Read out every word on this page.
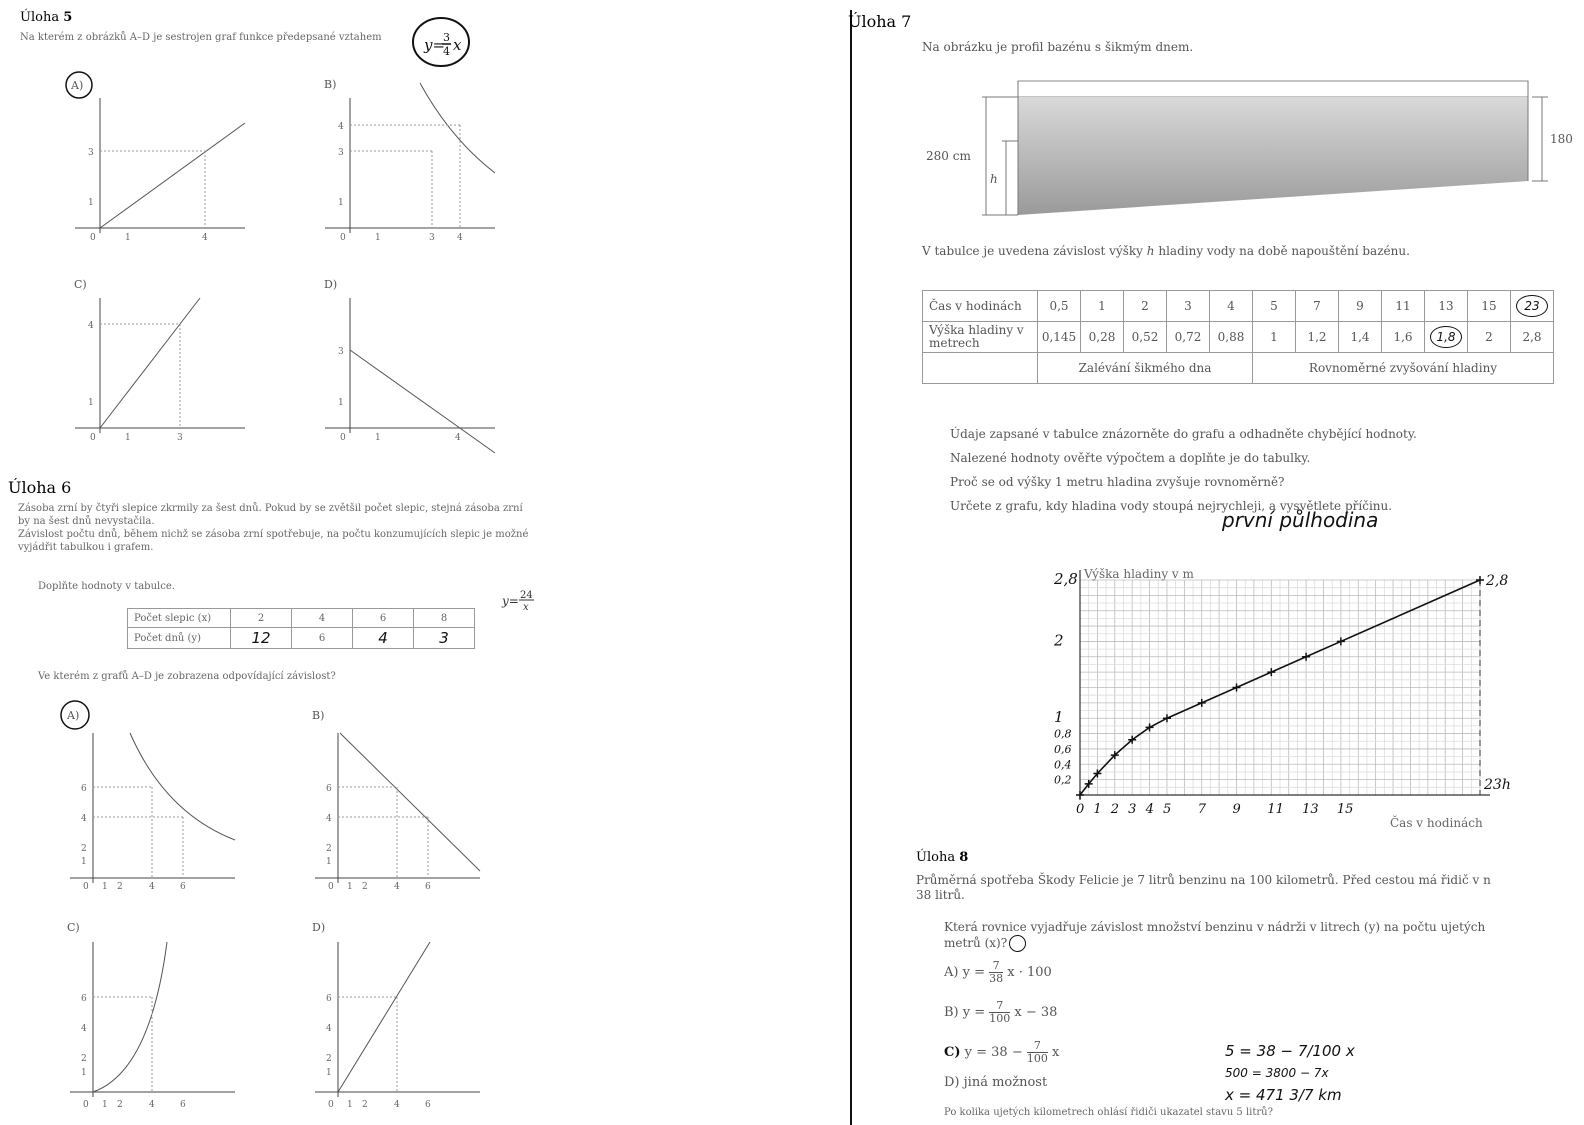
Úloha 5
Na kterém z obrázků A–D je sestrojen graf funkce předepsané vztahem	y=
3
4 x
A)
3
1
1	4
0
B)
4
3
1
1	3 4
0
C)
4
1
1	3
0
D)
3
1
1	4
0
Úloha 6
Zásoba zrní by čtyři slepice zkrmily za šest dnů. Pokud by se zvětšil počet slepic, stejná zásoba zrní
by na šest dnů nevystačila.
Závislost počtu dnů, během nichž se zásoba zrní spotřebuje, na počtu konzumujících slepic je možné
vyjádřit tabulkou i grafem.
Doplňte hodnoty v tabulce.
y= 24
x
Počet slepic (x)	2	4	6	8
Počet dnů (y)	12	6	4	3
Ve kterém z grafů A–D je zobrazena odpovídající závislost?
A)
6
4
2
1
1 2	4	6
0
B)
6
4
2
1
1 2	4	6
0
C)
6
4
2
1
1 2	4	6
0
D)
6
4
2
1
1 2	4	6
0
Úloha 7
Na obrázku je profil bazénu s šikmým dnem.
280 cm
h
180
V tabulce je uvedena závislost výšky h hladiny vody na době napouštění bazénu.
Čas v hodinách	0,5	1	2	3	4	5	7	9	11	13	15	23
Výška hladiny v metrech	0,145	0,28	0,52	0,72	0,88	1	1,2	1,4	1,6	1,8	2	2,8
	Zalévání šikmého dna					Rovnoměrné zvyšování hladiny						
Údaje zapsané v tabulce znázorněte do grafu a odhadněte chybějící hodnoty.
Nalezené hodnoty ověřte výpočtem a doplňte je do tabulky.
Proč se od výšky 1 metru hladina zvyšuje rovnoměrně?
Určete z grafu, kdy hladina vody stoupá nejrychleji, a vysvětlete příčinu.
první půlhodina
Výška hladiny v m
Čas v hodinách
0 1 2 3 4 5 7 9 11 13 15
0,2
0,4
0,6
0,8
1
2
2,8	2,8
23h
Úloha 8
Průměrná spotřeba Škody Felicie je 7 litrů benzinu na 100 kilometrů. Před cestou má řidič v n
38 litrů.
Která rovnice vyjadřuje závislost množství benzinu v nádrži v litrech (y) na počtu ujetých
metrů (x)?
A) $y = \frac{7}{38}$ x · 100
B) $y = \frac{7}{100}$ x − 38
C) $y = 38 - \frac{7}{100}$ x
D) jiná možnost
5 = 38 − 7/100 x
500 = 3800 − 7x
x = 471 3/7 km
Po kolika ujetých kilometrech ohlásí řidiči ukazatel stavu 5 litrů?
